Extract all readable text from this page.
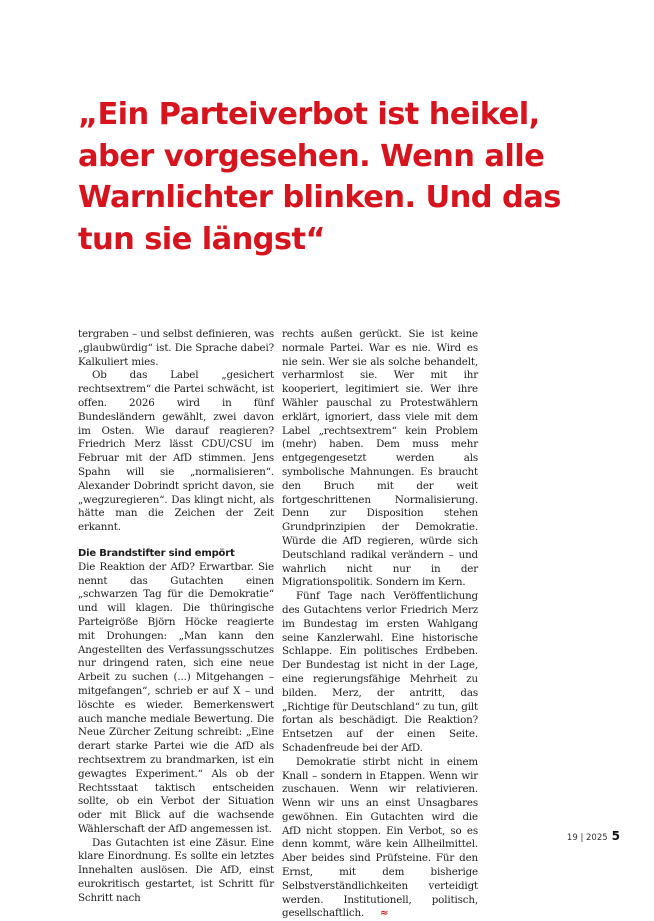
„Ein Parteiverbot ist heikel, aber vorgesehen. Wenn alle Warnlichter blinken. Und das tun sie längst“

tergraben – und selbst definieren, was „glaubwürdig“ ist. Die Sprache dabei? Kalkuliert mies.

Ob das Label „gesichert rechtsextrem“ die Partei schwächt, ist offen. 2026 wird in fünf Bundesländern gewählt, zwei davon im Osten. Wie darauf reagieren? Friedrich Merz lässt CDU/CSU im Februar mit der AfD stimmen. Jens Spahn will sie „normalisieren“. Alexander Dobrindt spricht davon, sie „wegzuregieren“. Das klingt nicht, als hätte man die Zeichen der Zeit erkannt.

Die Brandstifter sind empört

Die Reaktion der AfD? Erwartbar. Sie nennt das Gutachten einen „schwarzen Tag für die Demokratie“ und will klagen. Die thüringische Parteigröße Björn Höcke reagierte mit Drohungen: „Man kann den Angestellten des Verfassungsschutzes nur dringend raten, sich eine neue Arbeit zu suchen (...) Mitgehangen – mitgefangen“, schrieb er auf X – und löschte es wieder. Bemerkenswert auch manche mediale Bewertung. Die Neue Zürcher Zeitung schreibt: „Eine derart starke Partei wie die AfD als rechtsextrem zu brandmarken, ist ein gewagtes Experiment.“ Als ob der Rechtsstaat taktisch entscheiden sollte, ob ein Verbot der Situation oder mit Blick auf die wachsende Wählerschaft der AfD angemessen ist.

Das Gutachten ist eine Zäsur. Eine klare Einordnung. Es sollte ein letztes Innehalten auslösen. Die AfD, einst eurokritisch gestartet, ist Schritt für Schritt nach

rechts außen gerückt. Sie ist keine normale Partei. War es nie. Wird es nie sein. Wer sie als solche behandelt, verharmlost sie. Wer mit ihr kooperiert, legitimiert sie. Wer ihre Wähler pauschal zu Protestwählern erklärt, ignoriert, dass viele mit dem Label „rechtsextrem“ kein Problem (mehr) haben. Dem muss mehr entgegengesetzt werden als symbolische Mahnungen. Es braucht den Bruch mit der weit fortgeschrittenen Normalisierung. Denn zur Disposition stehen Grundprinzipien der Demokratie. Würde die AfD regieren, würde sich Deutschland radikal verändern – und wahrlich nicht nur in der Migrationspolitik. Sondern im Kern.

Fünf Tage nach Veröffentlichung des Gutachtens verlor Friedrich Merz im Bundestag im ersten Wahlgang seine Kanzlerwahl. Eine historische Schlappe. Ein politisches Erdbeben. Der Bundestag ist nicht in der Lage, eine regierungsfähige Mehrheit zu bilden. Merz, der antritt, das „Richtige für Deutschland“ zu tun, gilt fortan als beschädigt. Die Reaktion? Entsetzen auf der einen Seite. Schadenfreude bei der AfD.

Demokratie stirbt nicht in einem Knall – sondern in Etappen. Wenn wir zuschauen. Wenn wir relativieren. Wenn wir uns an einst Unsagbares gewöhnen. Ein Gutachten wird die AfD nicht stoppen. Ein Verbot, so es denn kommt, wäre kein Allheilmittel. Aber beides sind Prüfsteine. Für den Ernst, mit dem bisherige Selbstverständlichkeiten verteidigt werden. Institutionell, politisch, gesellschaftlich. ≈

19 | 2025 5
